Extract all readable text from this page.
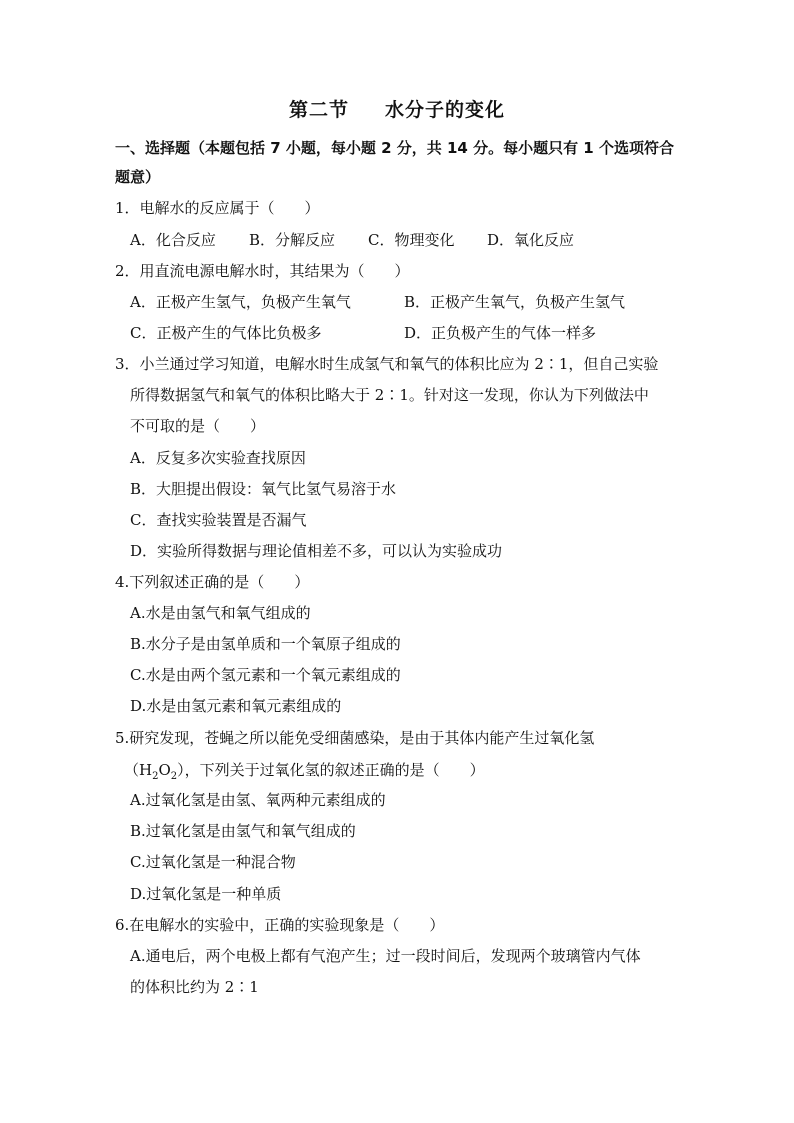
第二节 水分子的变化
一、选择题（本题包括 7 小题，每小题 2 分，共 14 分。每小题只有 1 个选项符合
题意）
1．电解水的反应属于（　　）
A．化合反应 B．分解反应 C．物理变化 D．氧化反应
2．用直流电源电解水时，其结果为（　　）
A．正极产生氢气，负极产生氧气	B．正极产生氧气，负极产生氢气
C．正极产生的气体比负极多	D．正负极产生的气体一样多
3．小兰通过学习知道，电解水时生成氢气和氧气的体积比应为 2∶1，但自己实验
所得数据氢气和氧气的体积比略大于 2∶1。针对这一发现，你认为下列做法中
不可取的是（　　）
A．反复多次实验查找原因
B．大胆提出假设：氧气比氢气易溶于水
C．查找实验装置是否漏气
D．实验所得数据与理论值相差不多，可以认为实验成功
4.下列叙述正确的是（　　）
A.水是由氢气和氧气组成的
B.水分子是由氢单质和一个氧原子组成的
C.水是由两个氢元素和一个氧元素组成的
D.水是由氢元素和氧元素组成的
5.研究发现，苍蝇之所以能免受细菌感染，是由于其体内能产生过氧化氢
$(H_2O_2)$，下列关于过氧化氢的叙述正确的是（　　）
A.过氧化氢是由氢、氧两种元素组成的
B.过氧化氢是由氢气和氧气组成的
C.过氧化氢是一种混合物
D.过氧化氢是一种单质
6.在电解水的实验中，正确的实验现象是（　　）
A.通电后，两个电极上都有气泡产生；过一段时间后，发现两个玻璃管内气体
的体积比约为 2∶1
